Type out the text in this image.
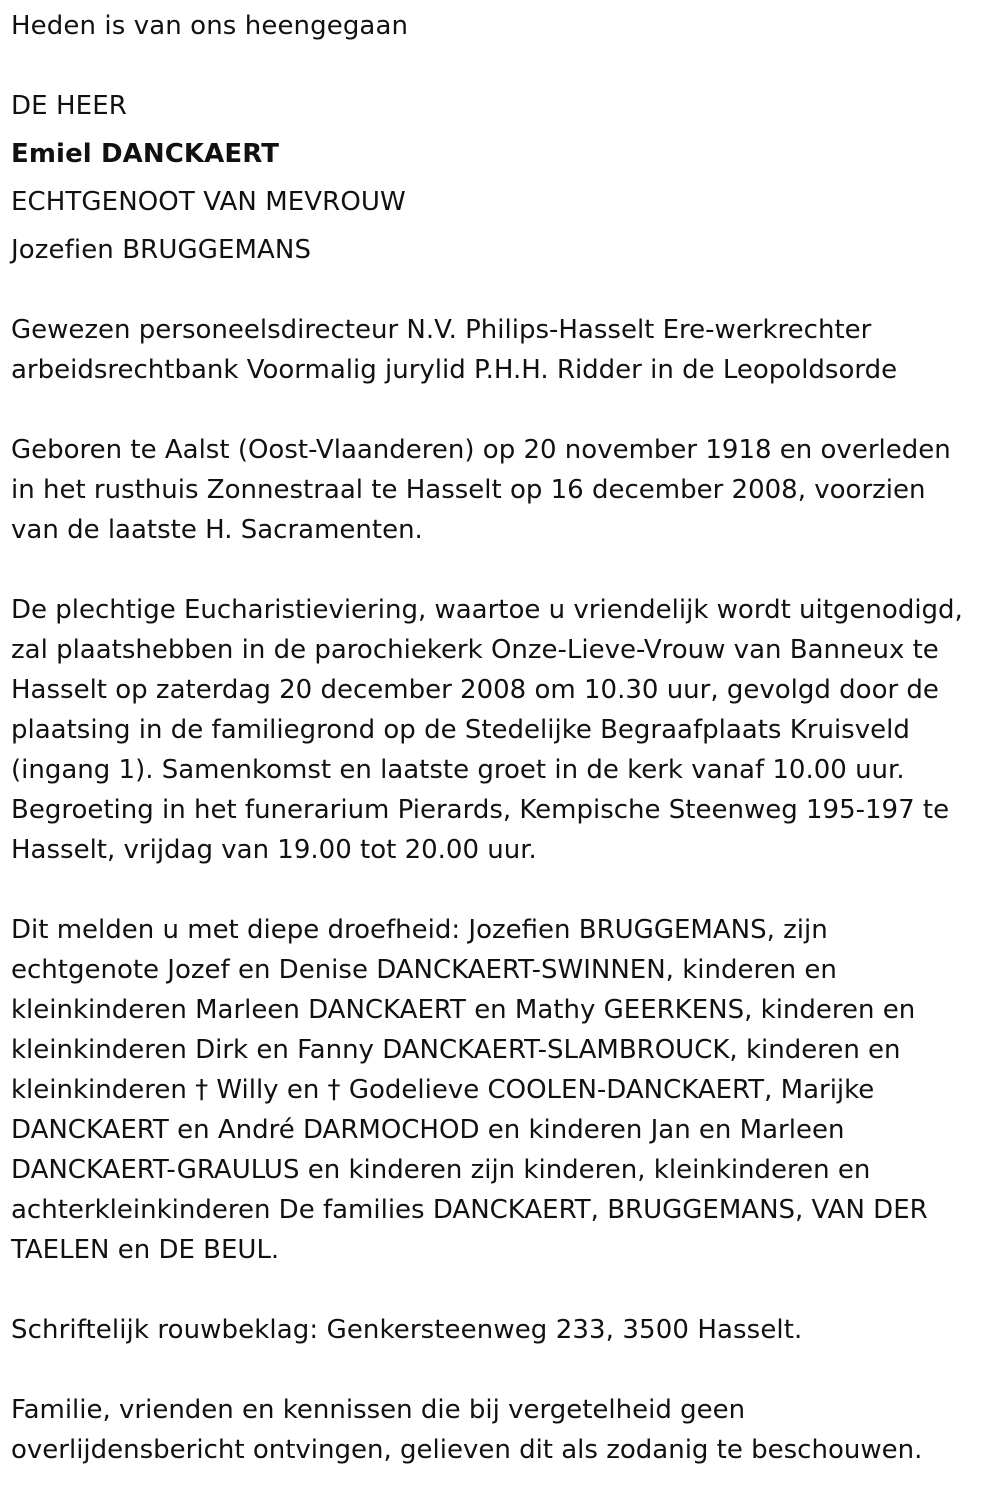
Heden is van ons heengegaan
DE HEER
Emiel DANCKAERT
ECHTGENOOT VAN MEVROUW
Jozefien BRUGGEMANS
Gewezen personeelsdirecteur N.V. Philips-Hasselt Ere-werkrechter
arbeidsrechtbank Voormalig jurylid P.H.H. Ridder in de Leopoldsorde
Geboren te Aalst (Oost-Vlaanderen) op 20 november 1918 en overleden
in het rusthuis Zonnestraal te Hasselt op 16 december 2008, voorzien
van de laatste H. Sacramenten.
De plechtige Eucharistieviering, waartoe u vriendelijk wordt uitgenodigd,
zal plaatshebben in de parochiekerk Onze-Lieve-Vrouw van Banneux te
Hasselt op zaterdag 20 december 2008 om 10.30 uur, gevolgd door de
plaatsing in de familiegrond op de Stedelijke Begraafplaats Kruisveld
(ingang 1). Samenkomst en laatste groet in de kerk vanaf 10.00 uur.
Begroeting in het funerarium Pierards, Kempische Steenweg 195-197 te
Hasselt, vrijdag van 19.00 tot 20.00 uur.
Dit melden u met diepe droefheid: Jozefien BRUGGEMANS, zijn
echtgenote Jozef en Denise DANCKAERT-SWINNEN, kinderen en
kleinkinderen Marleen DANCKAERT en Mathy GEERKENS, kinderen en
kleinkinderen Dirk en Fanny DANCKAERT-SLAMBROUCK, kinderen en
kleinkinderen † Willy en † Godelieve COOLEN-DANCKAERT, Marijke
DANCKAERT en André DARMOCHOD en kinderen Jan en Marleen
DANCKAERT-GRAULUS en kinderen zijn kinderen, kleinkinderen en
achterkleinkinderen De families DANCKAERT, BRUGGEMANS, VAN DER
TAELEN en DE BEUL.
Schriftelijk rouwbeklag: Genkersteenweg 233, 3500 Hasselt.
Familie, vrienden en kennissen die bij vergetelheid geen
overlijdensbericht ontvingen, gelieven dit als zodanig te beschouwen.
